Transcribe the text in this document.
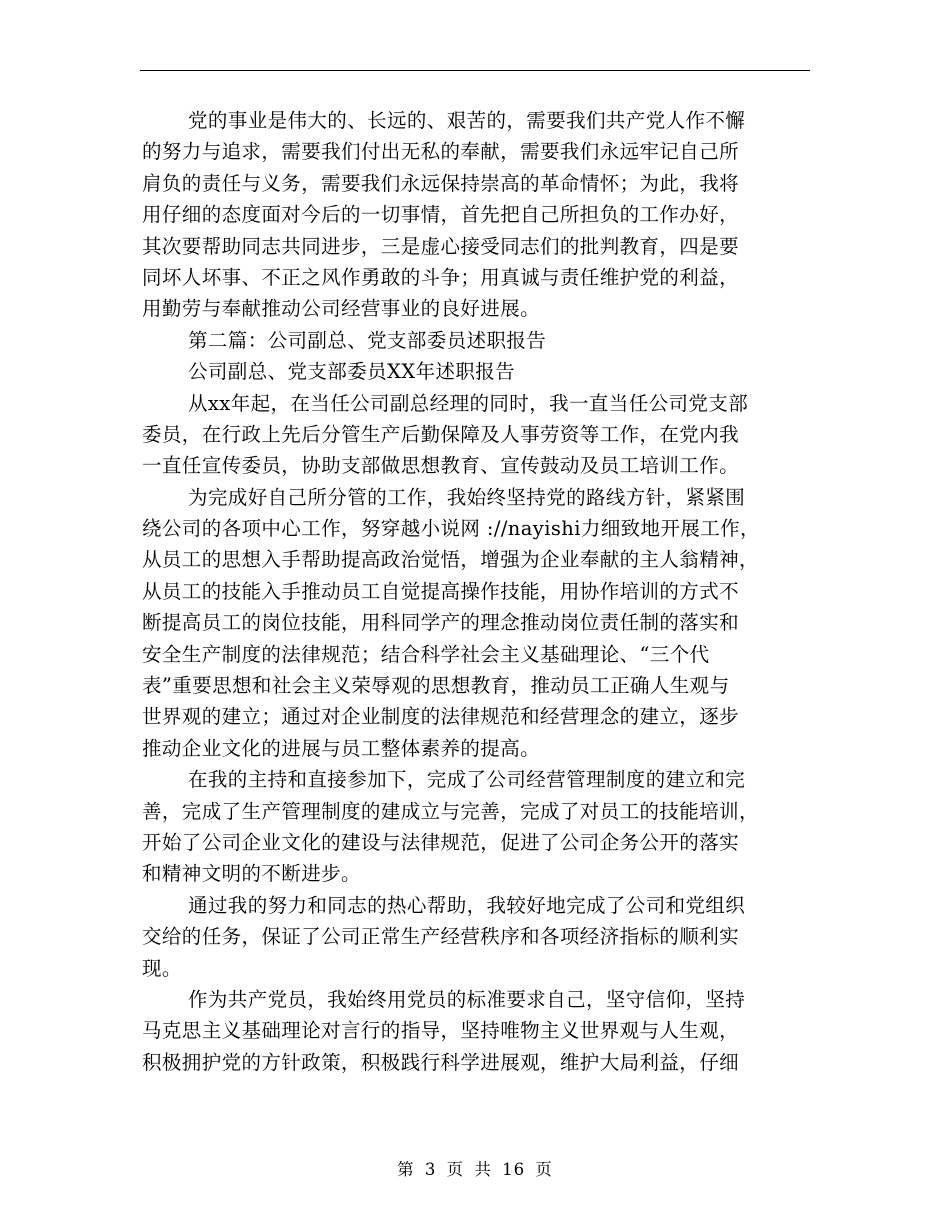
党的事业是伟大的、长远的、艰苦的，需要我们共产党人作不懈
的努力与追求，需要我们付出无私的奉献，需要我们永远牢记自己所
肩负的责任与义务，需要我们永远保持崇高的革命情怀；为此，我将
用仔细的态度面对今后的一切事情，首先把自己所担负的工作办好，
其次要帮助同志共同进步，三是虚心接受同志们的批判教育，四是要
同坏人坏事、不正之风作勇敢的斗争；用真诚与责任维护党的利益，
用勤劳与奉献推动公司经营事业的良好进展。
第二篇：公司副总、党支部委员述职报告
公司副总、党支部委员XX年述职报告
从xx年起，在当任公司副总经理的同时，我一直当任公司党支部
委员，在行政上先后分管生产后勤保障及人事劳资等工作，在党内我
一直任宣传委员，协助支部做思想教育、宣传鼓动及员工培训工作。
为完成好自己所分管的工作，我始终坚持党的路线方针，紧紧围
绕公司的各项中心工作，努穿越小说网 ://nayishi力细致地开展工作，
从员工的思想入手帮助提高政治觉悟，增强为企业奉献的主人翁精神，
从员工的技能入手推动员工自觉提高操作技能，用协作培训的方式不
断提高员工的岗位技能，用科同学产的理念推动岗位责任制的落实和
安全生产制度的法律规范；结合科学社会主义基础理论、“三个代
表”重要思想和社会主义荣辱观的思想教育，推动员工正确人生观与
世界观的建立；通过对企业制度的法律规范和经营理念的建立，逐步
推动企业文化的进展与员工整体素养的提高。
在我的主持和直接参加下，完成了公司经营管理制度的建立和完
善，完成了生产管理制度的建成立与完善，完成了对员工的技能培训，
开始了公司企业文化的建设与法律规范，促进了公司企务公开的落实
和精神文明的不断进步。
通过我的努力和同志的热心帮助，我较好地完成了公司和党组织
交给的任务，保证了公司正常生产经营秩序和各项经济指标的顺利实
现。
作为共产党员，我始终用党员的标准要求自己，坚守信仰，坚持
马克思主义基础理论对言行的指导，坚持唯物主义世界观与人生观，
积极拥护党的方针政策，积极践行科学进展观，维护大局利益，仔细
第 3 页 共 16 页
